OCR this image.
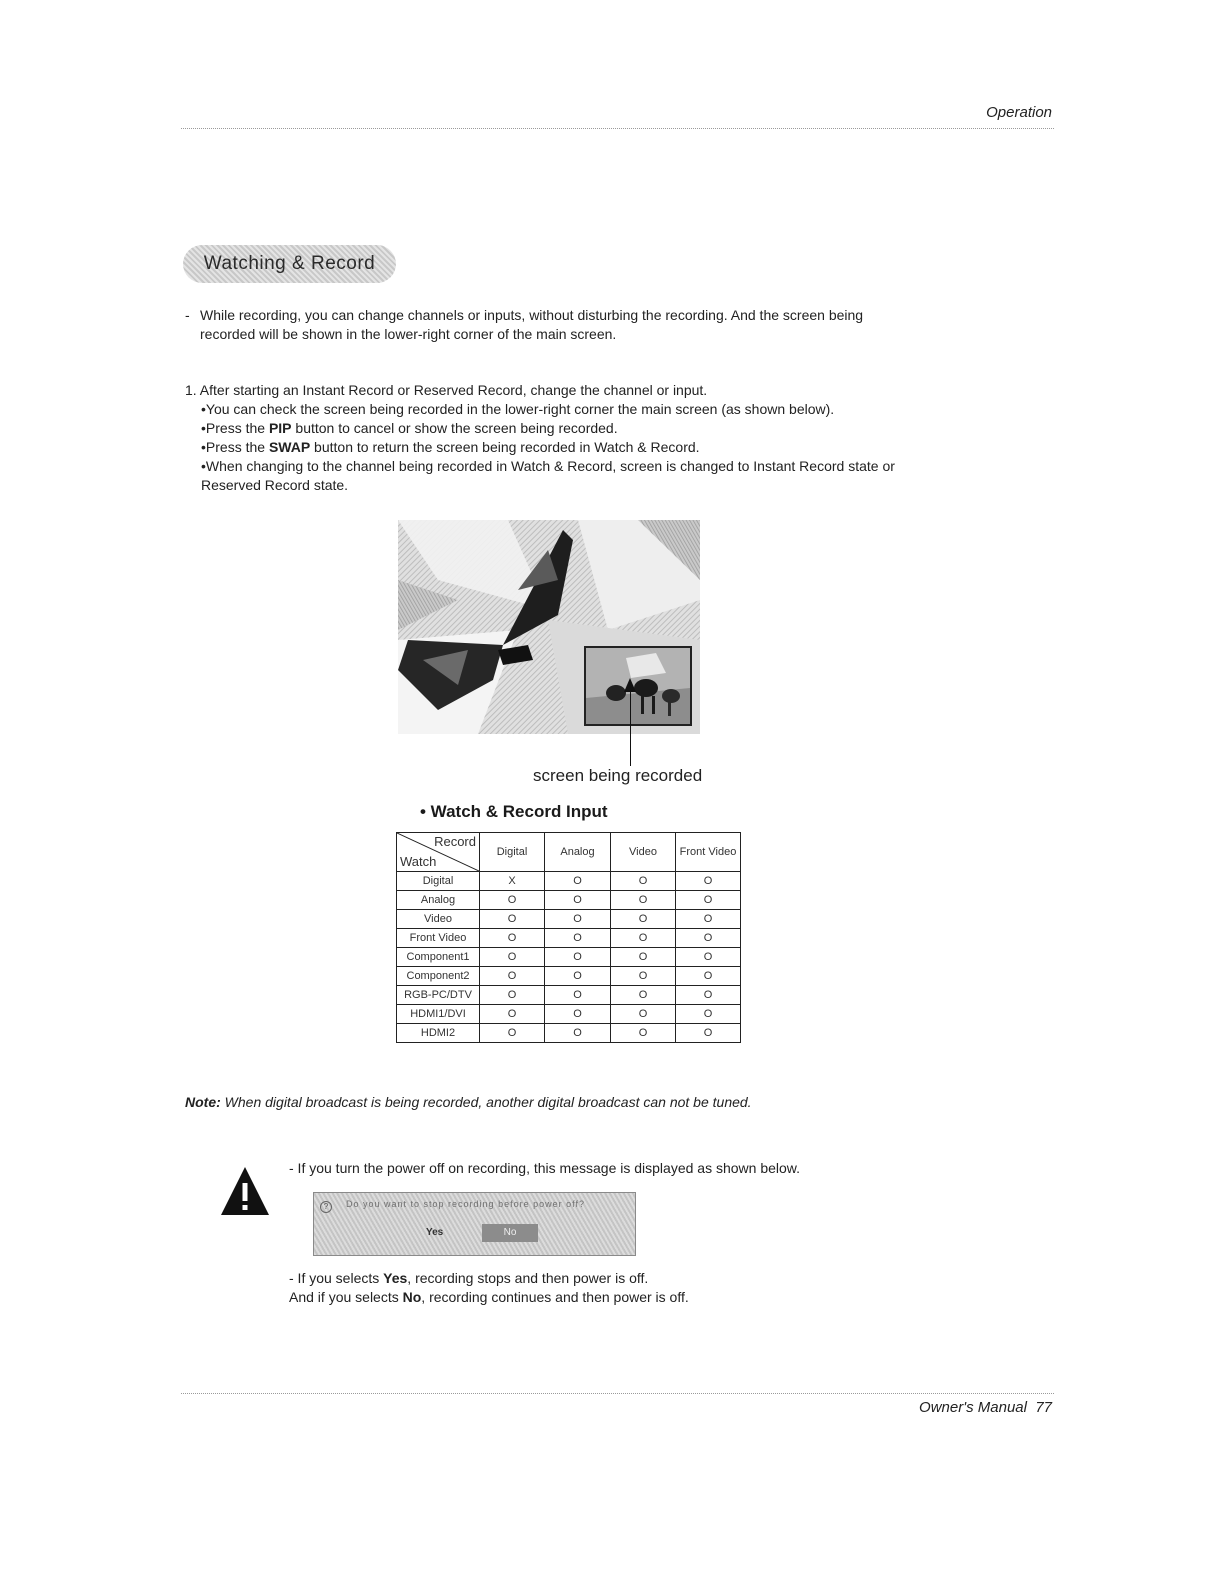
Operation
Watching & Record
- While recording, you can change channels or inputs, without disturbing the recording. And the screen being
recorded will be shown in the lower-right corner of the main screen.
1. After starting an Instant Record or Reserved Record, change the channel or input.
•You can check the screen being recorded in the lower-right corner the main screen (as shown below).
•Press the PIP button to cancel or show the screen being recorded.
•Press the SWAP button to return the screen being recorded in Watch & Record.
•When changing to the channel being recorded in Watch & Record, screen is changed to Instant Record state or
Reserved Record state.
screen being recorded
• Watch & Record Input
Record
Watch	Digital	Analog	Video	Front Video
Digital	X	O	O	O
Analog	O	O	O	O
Video	O	O	O	O
Front Video	O	O	O	O
Component1	O	O	O	O
Component2	O	O	O	O
RGB-PC/DTV	O	O	O	O
HDMI1/DVI	O	O	O	O
HDMI2	O	O	O	O
Note: When digital broadcast is being recorded, another digital broadcast can not be tuned.
- If you turn the power off on recording, this message is displayed as shown below.
?	Do you want to stop recording before power off?
Yes	No
- If you selects Yes, recording stops and then power is off.
And if you selects No, recording continues and then power is off.
Owner's Manual 77
